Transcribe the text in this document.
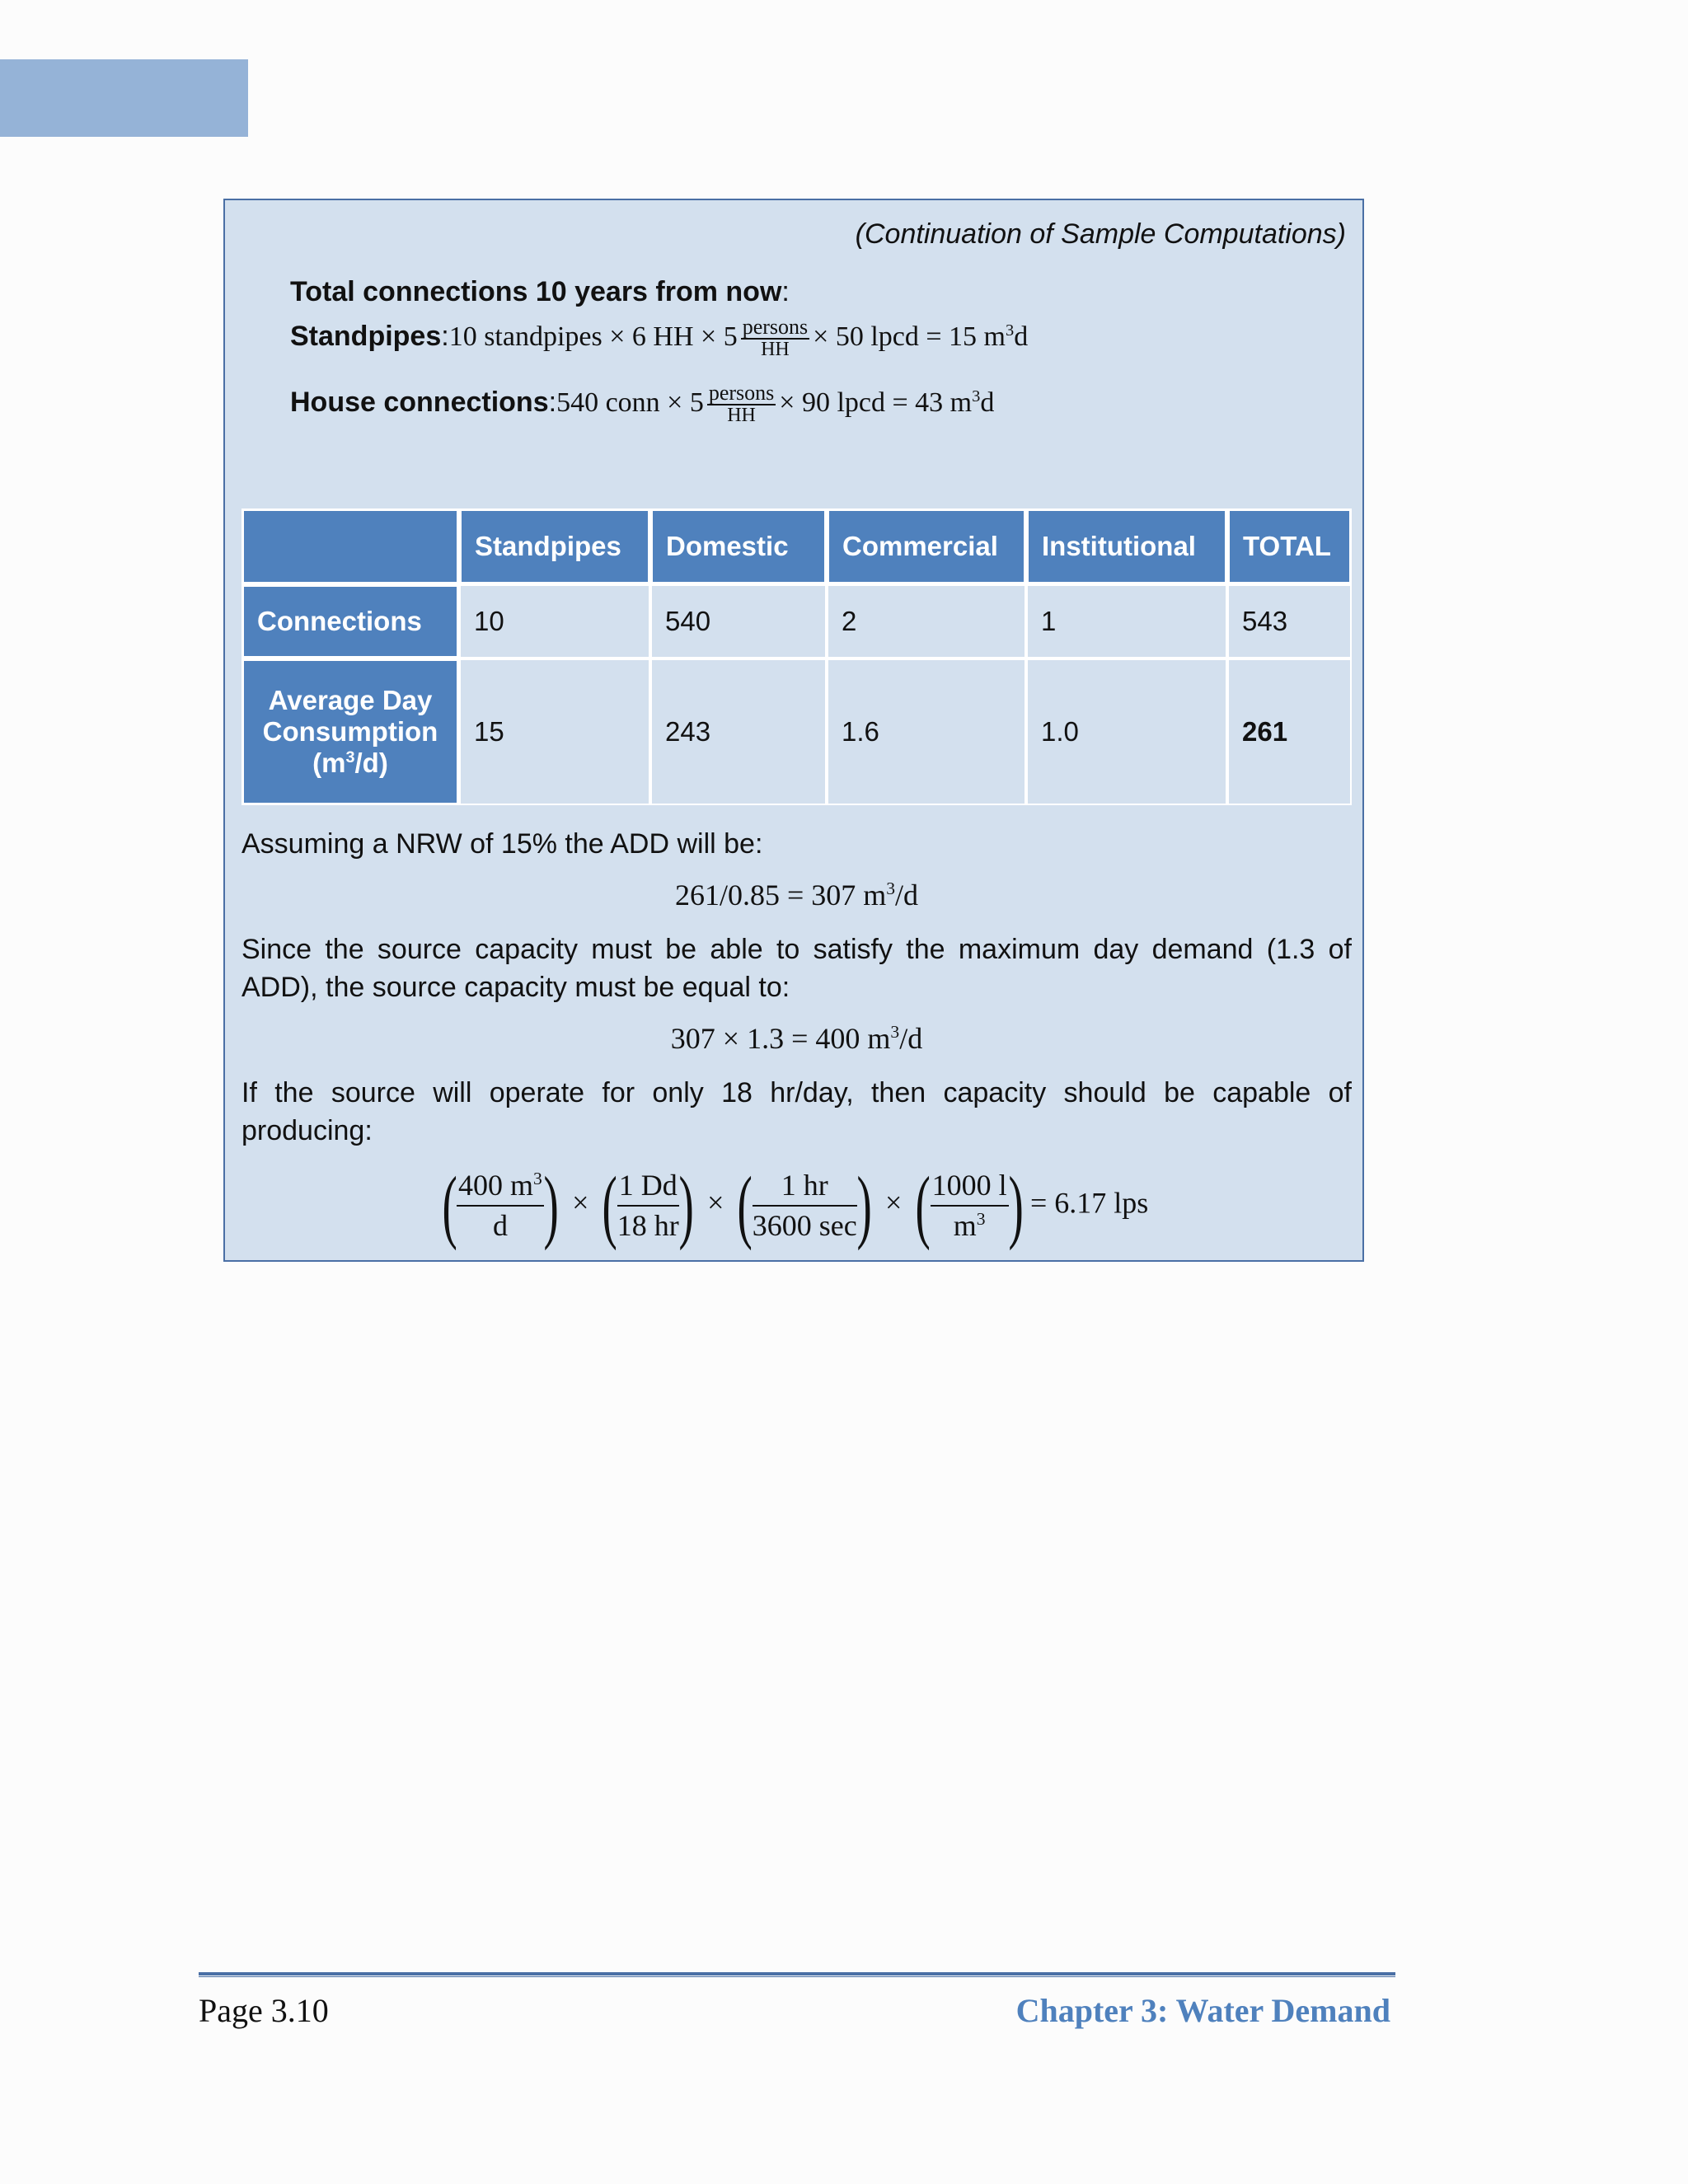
(Continuation of Sample Computations)
Total connections 10 years from now:
Standpipes:10 standpipes × 6 HH × $5 \frac{\text{persons}}{HH} \times 50$ lpcd = 15 $m^3d$
House connections:540 conn × $5 \frac{\text{persons}}{HH} \times 90$ lpcd = 43 $m^3d$
	Standpipes	Domestic	Commercial	Institutional	TOTAL
Connections	10	540	2	1	543

Average Day
Consumption
$(m^3/d)$	15	243	1.6	1.0	261
Assuming a NRW of 15% the ADD will be:
261/0.85 = 307 $m^3/d$
Since the source capacity must be able to satisfy the maximum day demand (1.3 of ADD), the source capacity must be equal to:
307 × 1.3 = 400 $m^3/d$
If the source will operate for only 18 hr/day, then capacity should be capable of producing:
( $\frac{400 m^3}{d}$ ) × ( $\frac{1 Dd}{18 hr}$ ) × ( $\frac{1 hr}{3600 \sec}$ ) × ( $\frac{1000 l}{m^3}$ ) = 6.17 lps
Page 3.10	Chapter 3: Water Demand
